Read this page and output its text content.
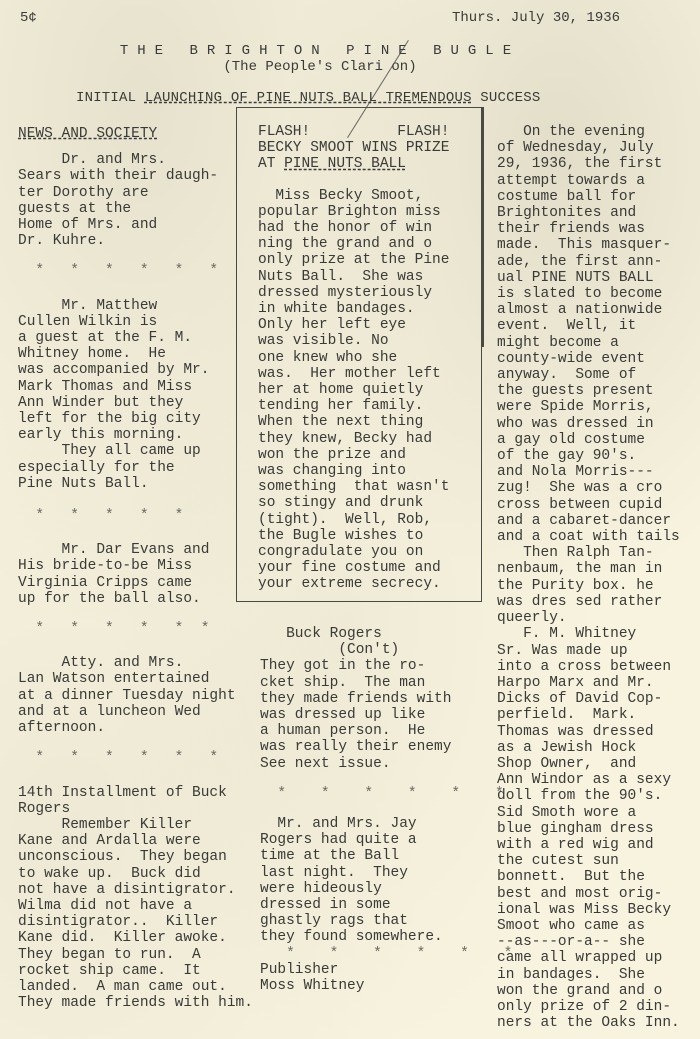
5¢	Thurs. July 30, 1936
THE BRIGHTON PINE BUGLE
(The People's Clari on)
INITIAL LAUNCHING OF PINE NUTS BALL TREMENDOUS SUCCESS

NEWS AND SOCIETY

Dr. and Mrs.

Sears with their daugh-

ter Dorothy are

guests at the

Home of Mrs. and

Dr. Kuhre.

*   *   *   *   *   *

Mr. Matthew

Cullen Wilkin is

a guest at the F. M.

Whitney home.  He

was accompanied by Mr.

Mark Thomas and Miss

Ann Winder but they

left for the big city

early this morning.

They all came up

especially for the

Pine Nuts Ball.

*   *   *   *   *

Mr. Dar Evans and

His bride-to-be Miss

Virginia Cripps came

up for the ball also.

*   *   *   *   *  *

Atty. and Mrs.

Lan Watson entertained

at a dinner Tuesday night

and at a luncheon Wed

afternoon.

*   *   *   *   *   *

14th Installment of Buck

Rogers

Remember Killer

Kane and Ardalla were

unconscious.  They began

to wake up.  Buck did

not have a disintigrator.

Wilma did not have a

disintigrator..  Killer

Kane did.  Killer awoke.

They began to run.  A

rocket ship came.  It

landed.  A man came out.

They made friends with him.

FLASH!          FLASH!

BECKY SMOOT WINS PRIZE

AT PINE NUTS BALL

Miss Becky Smoot,

popular Brighton miss

had the honor of win

ning the grand and o

only prize at the Pine

Nuts Ball.  She was

dressed mysteriously

in white bandages.

Only her left eye

was visible. No

one knew who she

was.  Her mother left

her at home quietly

tending her family.

When the next thing

they knew, Becky had

won the prize and

was changing into

something  that wasn't

so stingy and drunk

(tight).  Well, Rob,

the Bugle wishes to

congradulate you on

your fine costume and

your extreme secrecy.

Buck Rogers

(Con't)

They got in the ro-

cket ship.  The man

they made friends with

was dressed up like

a human person.  He

was really their enemy

See next issue.

*    *    *    *    *    *

Mr. and Mrs. Jay

Rogers had quite a

time at the Ball

last night.  They

were hideously

dressed in some

ghastly rags that

they found somewhere.

*    *    *    *    *    *

Publisher

Moss Whitney

On the evening

of Wednesday, July

29, 1936, the first

attempt towards a

costume ball for

Brightonites and

their friends was

made.  This masquer-

ade, the first ann-

ual PINE NUTS BALL

is slated to become

almost a nationwide

event.  Well, it

might become a

county-wide event

anyway.  Some of

the guests present

were Spide Morris,

who was dressed in

a gay old costume

of the gay 90's.

and Nola Morris---

zug!  She was a cro

cross between cupid

and a cabaret-dancer

and a coat with tails

Then Ralph Tan-

nenbaum, the man in

the Purity box. he

was dres sed rather

queerly.

F. M. Whitney

Sr. Was made up

into a cross between

Harpo Marx and Mr.

Dicks of David Cop-

perfield.  Mark.

Thomas was dressed

as a Jewish Hock

Shop Owner,  and

Ann Windor as a sexy

doll from the 90's.

Sid Smoth wore a

blue gingham dress

with a red wig and

the cutest sun

bonnett.  But the

best and most orig-

ional was Miss Becky

Smoot who came as

--as---or-a-- she

came all wrapped up

in bandages.  She

won the grand and o

only prize of 2 din-

ners at the Oaks Inn.
